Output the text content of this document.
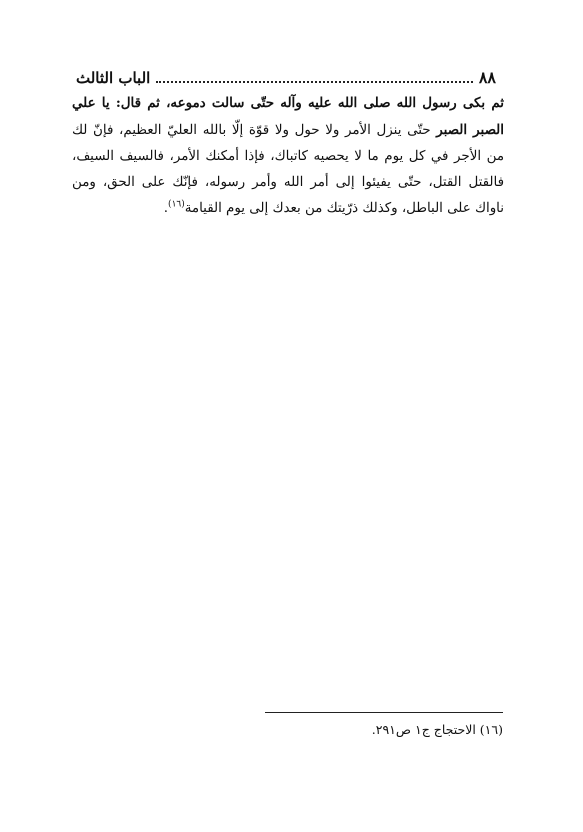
٨٨
الباب الثالث

ثم بكى رسول الله صلى الله عليه وآله حتّى سالت دموعه، ثم قال: يا علي الصبر الصبر حتّى ينزل الأمر ولا حول ولا قوّة إلّا بالله العليّ العظيم، فإنّ لك من الأجر في كل يوم ما لا يحصيه كاتباك، فإذا أمكنك الأمر، فالسيف السيف، فالقتل القتل، حتّى يفيئوا إلى أمر الله وأمر رسوله، فإنّك على الحق، ومن ناواك على الباطل، وكذلك ذرّيتك من بعدك إلى يوم القيامة$^{(١٦)}$.

(١٦) الاحتجاج ج١ ص٢٩١.
